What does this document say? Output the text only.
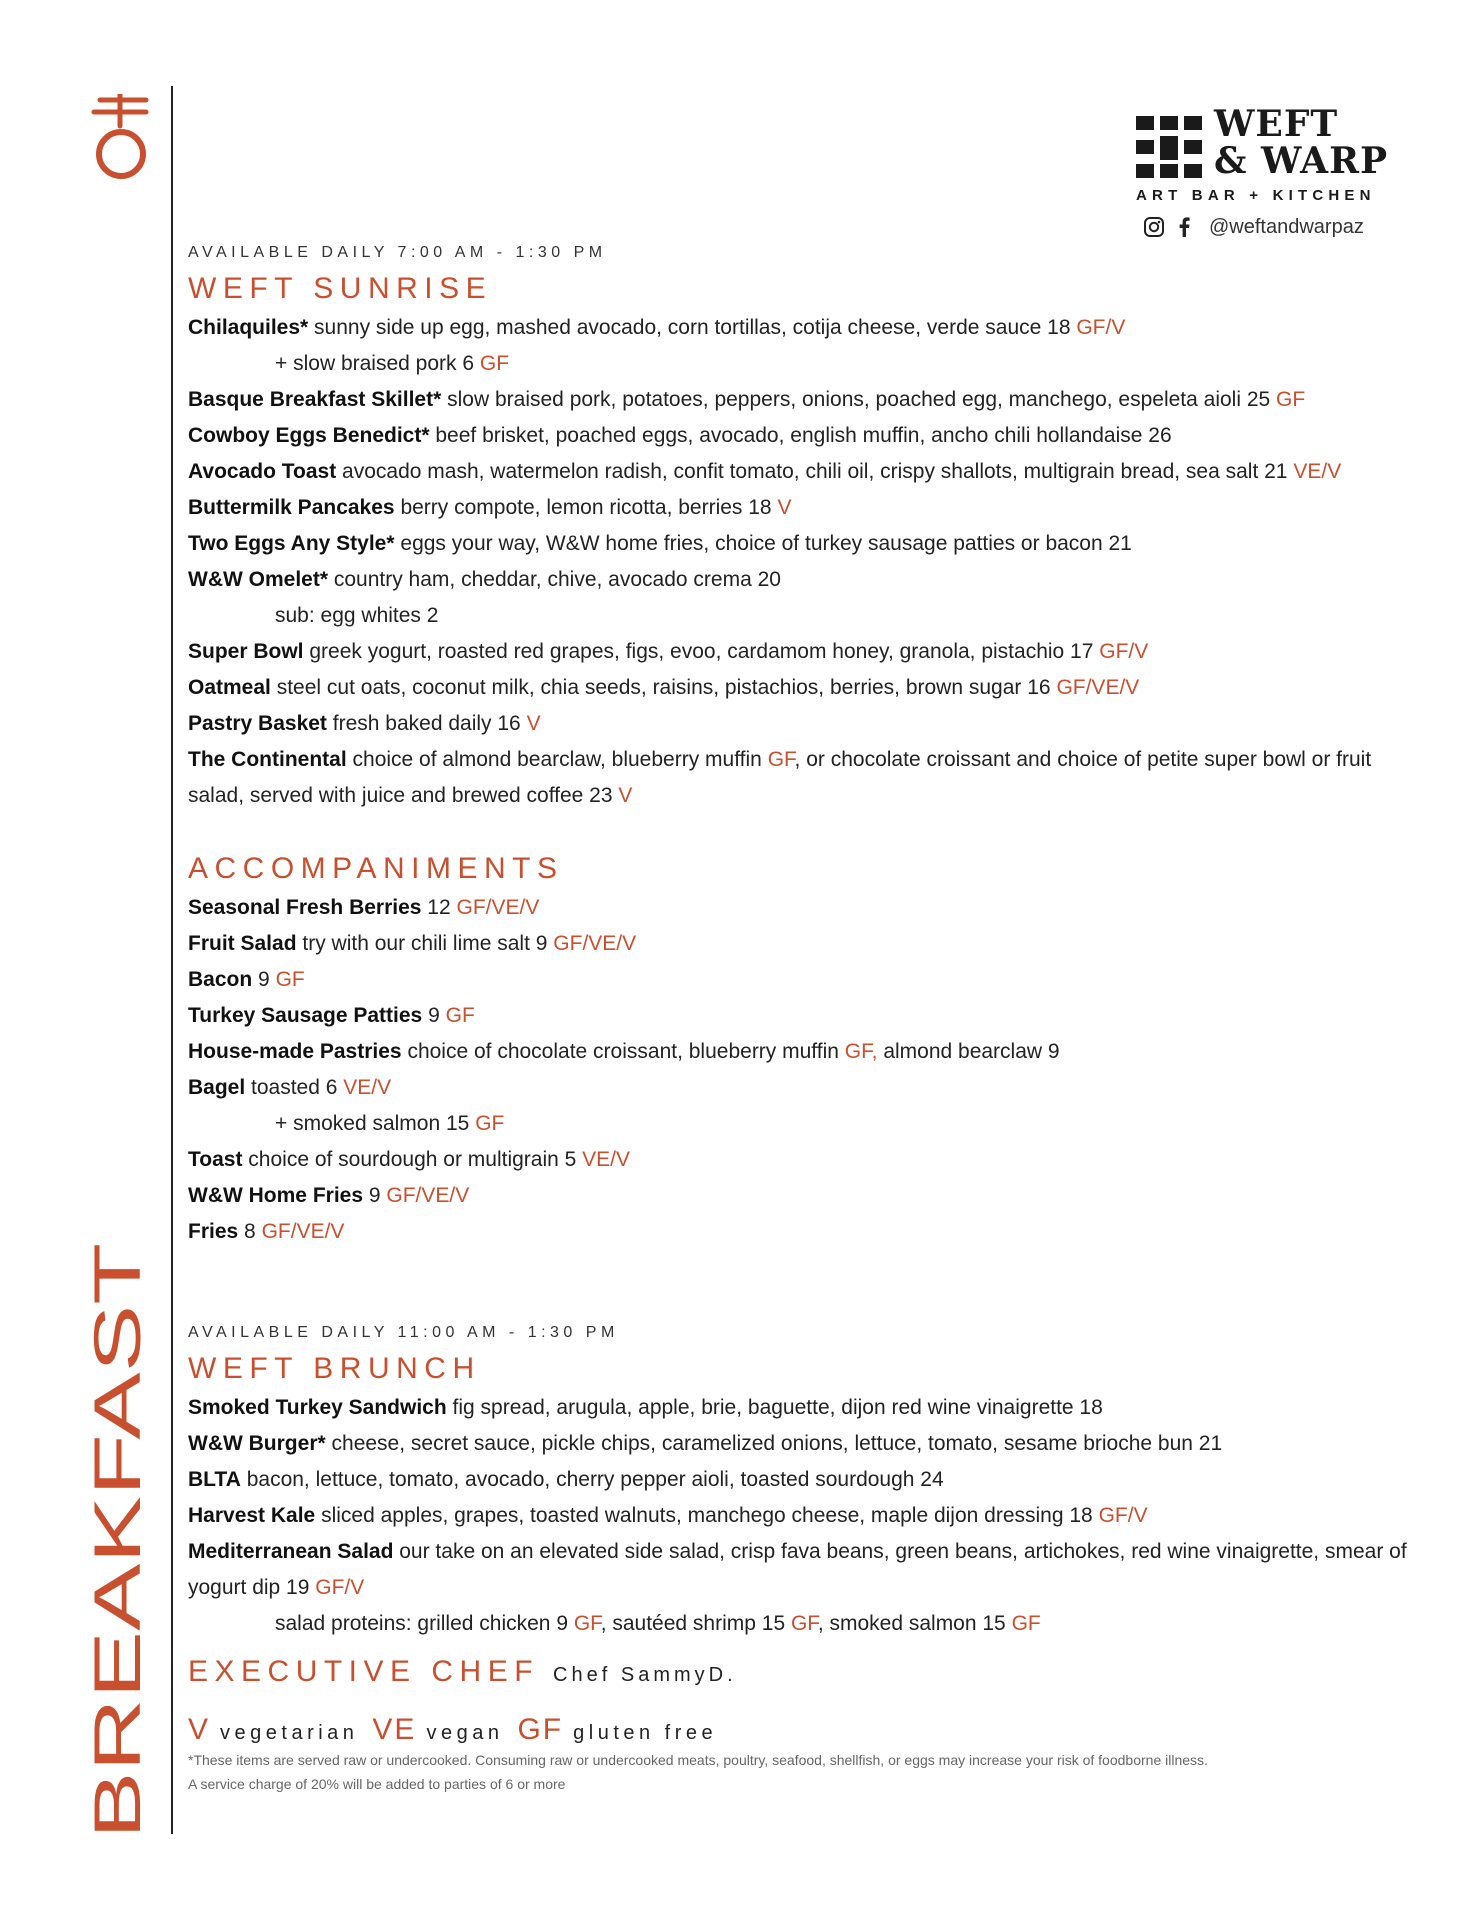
BREAKFAST
WEFT
& WARP
ART BAR + KITCHEN
@weftandwarpaz
AVAILABLE DAILY 7:00 AM - 1:30 PM
WEFT SUNRISE
Chilaquiles* sunny side up egg, mashed avocado, corn tortillas, cotija cheese, verde sauce 18 GF/V
+ slow braised pork 6 GF
Basque Breakfast Skillet* slow braised pork, potatoes, peppers, onions, poached egg, manchego, espeleta aioli 25 GF
Cowboy Eggs Benedict* beef brisket, poached eggs, avocado, english muffin, ancho chili hollandaise 26
Avocado Toast avocado mash, watermelon radish, confit tomato, chili oil, crispy shallots, multigrain bread, sea salt 21 VE/V
Buttermilk Pancakes berry compote, lemon ricotta, berries 18 V
Two Eggs Any Style* eggs your way, W&W home fries, choice of turkey sausage patties or bacon 21
W&W Omelet* country ham, cheddar, chive, avocado crema 20
sub: egg whites 2
Super Bowl greek yogurt, roasted red grapes, figs, evoo, cardamom honey, granola, pistachio 17 GF/V
Oatmeal steel cut oats, coconut milk, chia seeds, raisins, pistachios, berries, brown sugar 16 GF/VE/V
Pastry Basket fresh baked daily 16 V
The Continental choice of almond bearclaw, blueberry muffin GF, or chocolate croissant and choice of petite super bowl or fruit salad, served with juice and brewed coffee 23 V
ACCOMPANIMENTS
Seasonal Fresh Berries 12 GF/VE/V
Fruit Salad try with our chili lime salt 9 GF/VE/V
Bacon 9 GF
Turkey Sausage Patties 9 GF
House-made Pastries choice of chocolate croissant, blueberry muffin GF, almond bearclaw 9
Bagel toasted 6 VE/V
+ smoked salmon 15 GF
Toast choice of sourdough or multigrain 5 VE/V
W&W Home Fries 9 GF/VE/V
Fries 8 GF/VE/V
AVAILABLE DAILY 11:00 AM - 1:30 PM
WEFT BRUNCH
Smoked Turkey Sandwich fig spread, arugula, apple, brie, baguette, dijon red wine vinaigrette 18
W&W Burger* cheese, secret sauce, pickle chips, caramelized onions, lettuce, tomato, sesame brioche bun 21
BLTA bacon, lettuce, tomato, avocado, cherry pepper aioli, toasted sourdough 24
Harvest Kale sliced apples, grapes, toasted walnuts, manchego cheese, maple dijon dressing 18 GF/V
Mediterranean Salad our take on an elevated side salad, crisp fava beans, green beans, artichokes, red wine vinaigrette, smear of yogurt dip 19 GF/V
salad proteins: grilled chicken 9 GF, sautéed shrimp 15 GF, smoked salmon 15 GF
EXECUTIVE CHEF Chef SammyD.
Vvegetarian VE vegan GF gluten free
*These items are served raw or undercooked. Consuming raw or undercooked meats, poultry, seafood, shellfish, or eggs may increase your risk of foodborne illness.
A service charge of 20% will be added to parties of 6 or more
